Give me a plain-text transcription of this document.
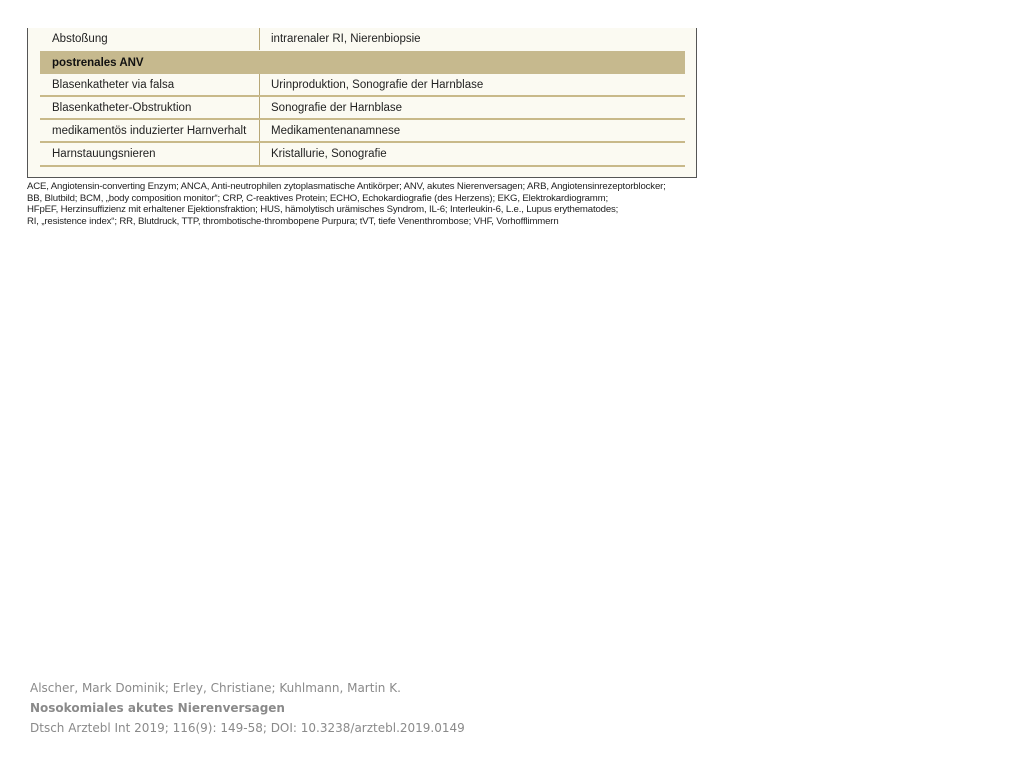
Abstoßung	intrarenaler RI, Nierenbiopsie
postrenales ANV
Blasenkatheter via falsa	Urinproduktion, Sonografie der Harnblase
Blasenkatheter-Obstruktion	Sonografie der Harnblase
medikamentös induzierter Harnverhalt	Medikamentenanamnese
Harnstauungsnieren	Kristallurie, Sonografie
ACE, Angiotensin-converting Enzym; ANCA, Anti-neutrophilen zytoplasmatische Antikörper; ANV, akutes Nierenversagen; ARB, Angiotensinrezeptorblocker;
BB, Blutbild; BCM, „body composition monitor“; CRP, C-reaktives Protein; ECHO, Echokardiografie (des Herzens); EKG, Elektrokardiogramm;
HFpEF, Herzinsuffizienz mit erhaltener Ejektionsfraktion; HUS, hämolytisch urämisches Syndrom, IL-6; Interleukin-6, L.e., Lupus erythematodes;
RI, „resistence index“; RR, Blutdruck, TTP, thrombotische-thrombopene Purpura; tVT, tiefe Venenthrombose; VHF, Vorhofflimmern
Alscher, Mark Dominik; Erley, Christiane; Kuhlmann, Martin K.
Nosokomiales akutes Nierenversagen
Dtsch Arztebl Int 2019; 116(9): 149-58; DOI: 10.3238/arztebl.2019.0149
